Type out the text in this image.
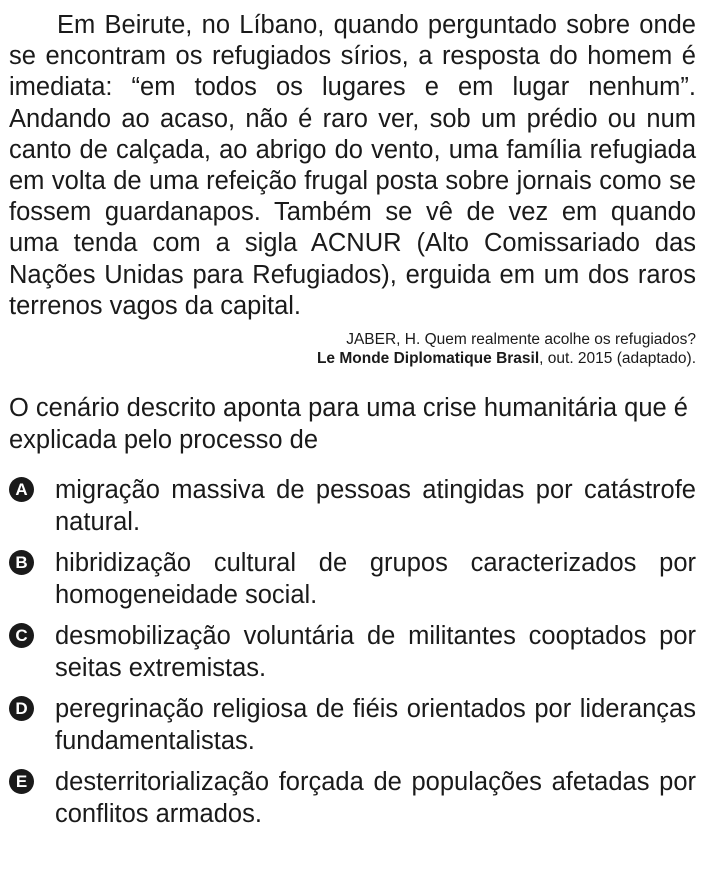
Em Beirute, no Líbano, quando perguntado sobre onde se encontram os refugiados sírios, a resposta do homem é imediata: “em todos os lugares e em lugar nenhum”. Andando ao acaso, não é raro ver, sob um prédio ou num canto de calçada, ao abrigo do vento, uma família refugiada em volta de uma refeição frugal posta sobre jornais como se fossem guardanapos. Também se vê de vez em quando uma tenda com a sigla ACNUR (Alto Comissariado das Nações Unidas para Refugiados), erguida em um dos raros terrenos vagos da capital.

JABER, H. Quem realmente acolhe os refugiados?
Le Monde Diplomatique Brasil, out. 2015 (adaptado).

O cenário descrito aponta para uma crise humanitária que é explicada pelo processo de

A migração massiva de pessoas atingidas por catástrofe natural.
B hibridização cultural de grupos caracterizados por homogeneidade social.
C desmobilização voluntária de militantes cooptados por seitas extremistas.
D peregrinação religiosa de fiéis orientados por lideranças fundamentalistas.
E desterritorialização forçada de populações afetadas por conflitos armados.
